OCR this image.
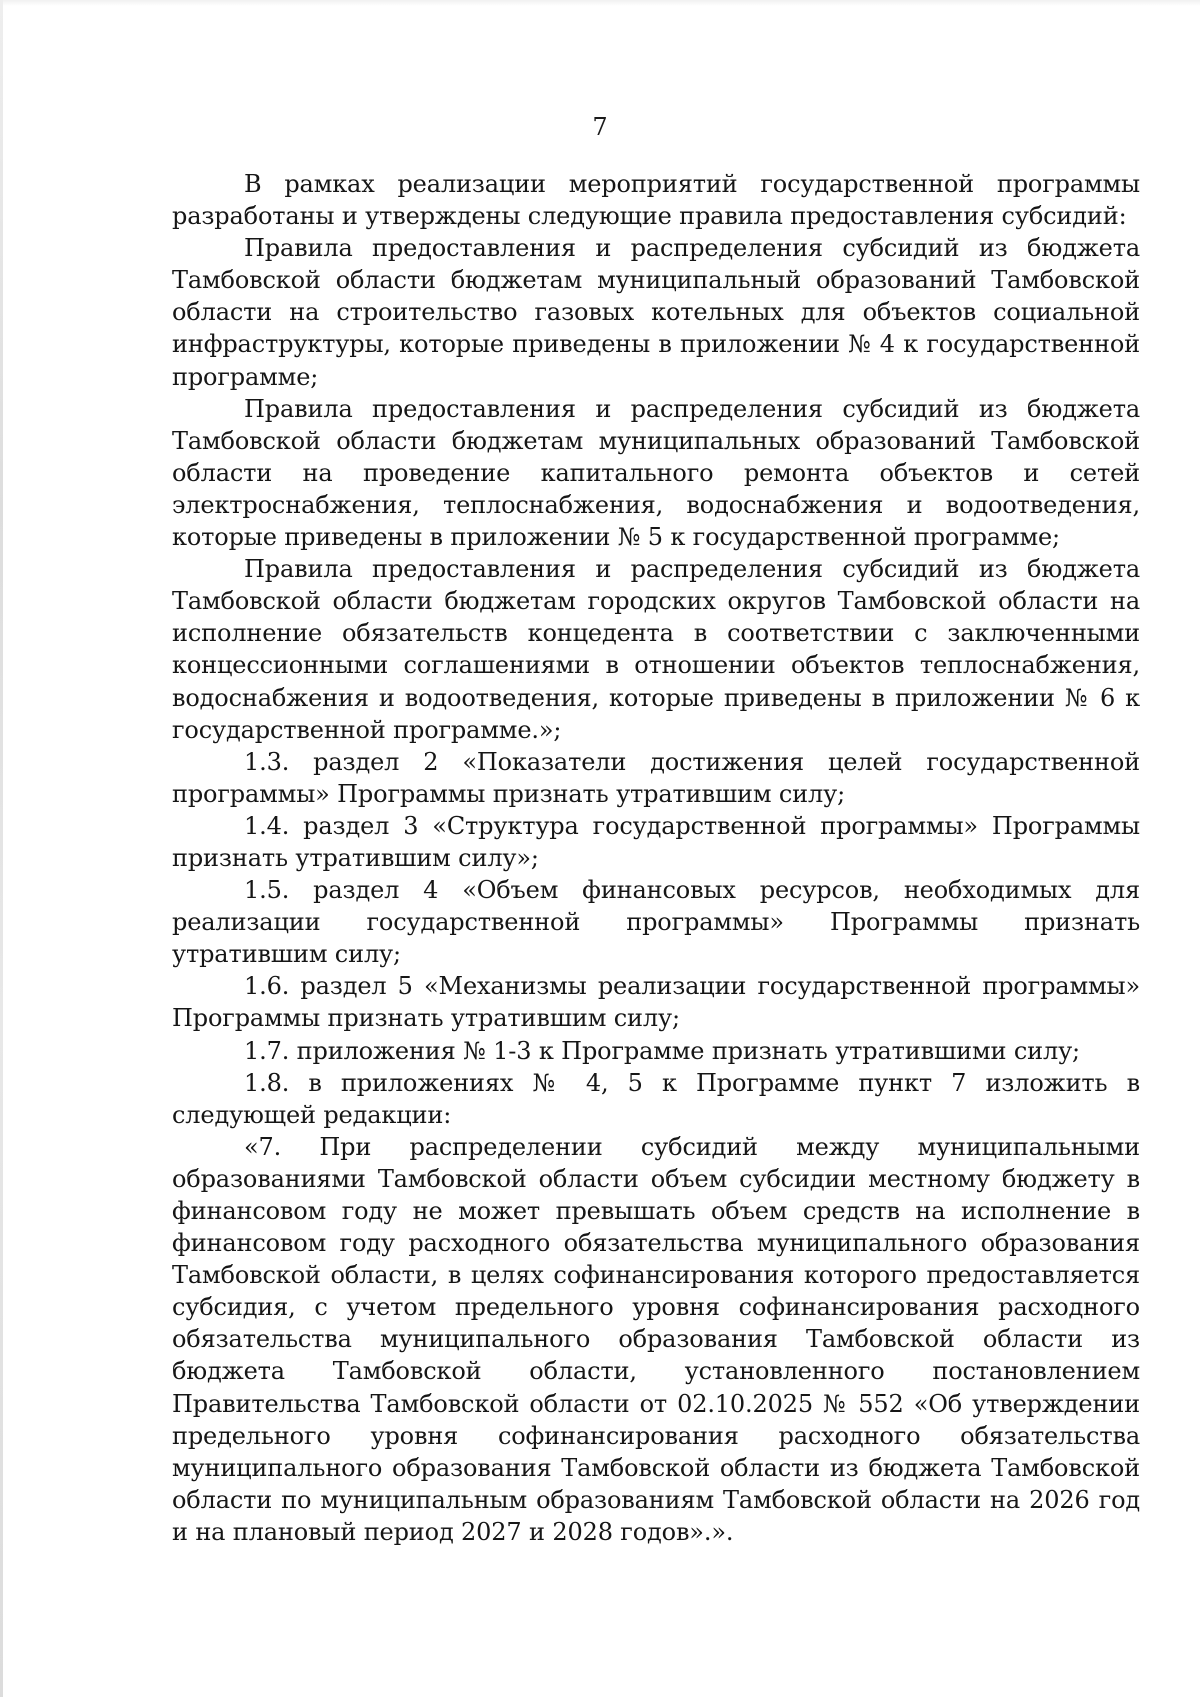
7

В рамках реализации мероприятий государственной программы разработаны и утверждены следующие правила предоставления субсидий:

Правила предоставления и распределения субсидий из бюджета Тамбовской области бюджетам муниципальный образований Тамбовской области на строительство газовых котельных для объектов социальной инфраструктуры, которые приведены в приложении № 4 к государственной программе;

Правила предоставления и распределения субсидий из бюджета Тамбовской области бюджетам муниципальных образований Тамбовской области на проведение капитального ремонта объектов и сетей электроснабжения, теплоснабжения, водоснабжения и водоотведения, которые приведены в приложении № 5 к государственной программе;

Правила предоставления и распределения субсидий из бюджета Тамбовской области бюджетам городских округов Тамбовской области на исполнение обязательств концедента в соответствии с заключенными концессионными соглашениями в отношении объектов теплоснабжения, водоснабжения и водоотведения, которые приведены в приложении № 6 к государственной программе.»;

1.3. раздел 2 «Показатели достижения целей государственной программы» Программы признать утратившим силу;

1.4. раздел 3 «Структура государственной программы» Программы признать утратившим силу»;

1.5. раздел 4 «Объем финансовых ресурсов, необходимых для реализации государственной программы» Программы признать утратившим силу;

1.6. раздел 5 «Механизмы реализации государственной программы» Программы признать утратившим силу;

1.7. приложения № 1-3 к Программе признать утратившими силу;

1.8. в приложениях № 4, 5 к Программе пункт 7 изложить в следующей редакции:

«7. При распределении субсидий между муниципальными образованиями Тамбовской области объем субсидии местному бюджету в финансовом году не может превышать объем средств на исполнение в финансовом году расходного обязательства муниципального образования Тамбовской области, в целях софинансирования которого предоставляется субсидия, с учетом предельного уровня софинансирования расходного обязательства муниципального образования Тамбовской области из бюджета Тамбовской области, установленного постановлением Правительства Тамбовской области от 02.10.2025 № 552 «Об утверждении предельного уровня софинансирования расходного обязательства муниципального образования Тамбовской области из бюджета Тамбовской области по муниципальным образованиям Тамбовской области на 2026 год и на плановый период 2027 и 2028 годов».».
